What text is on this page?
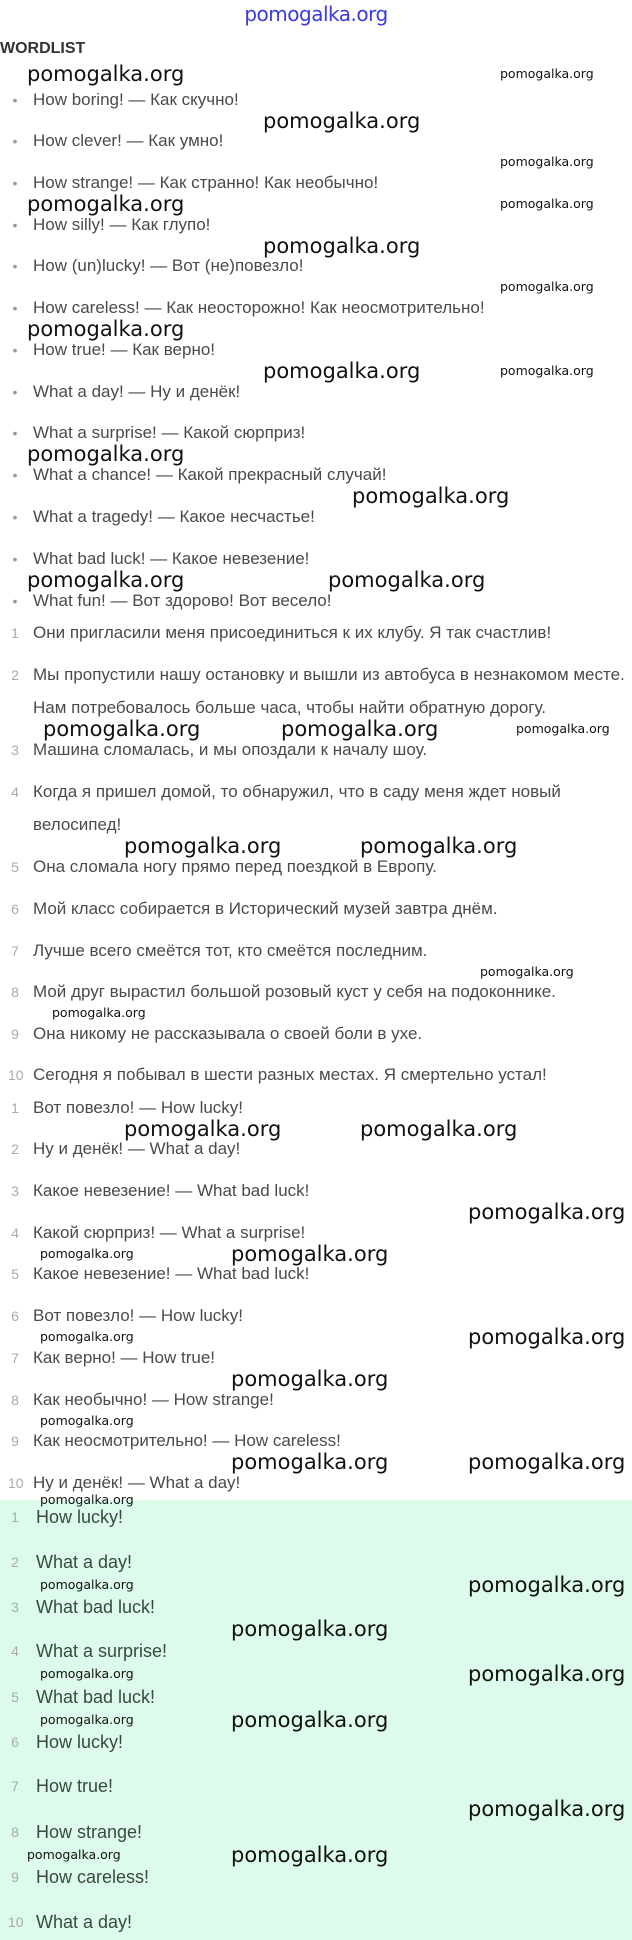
pomogalka.org
WORDLIST
• How boring! — Как скучно!
• How clever! — Как умно!
• How strange! — Как странно! Как необычно!
• How silly! — Как глупо!
• How (un)lucky! — Вот (не)повезло!
• How careless! — Как неосторожно! Как неосмотрительно!
• How true! — Как верно!
• What a day! — Ну и денёк!
• What a surprise! — Какой сюрприз!
• What a chance! — Какой прекрасный случай!
• What a tragedy! — Какое несчастье!
• What bad luck! — Какое невезение!
• What fun! — Вот здорово! Вот весело!
1 Они пригласили меня присоединиться к их клубу. Я так счастлив!
2 Мы пропустили нашу остановку и вышли из автобуса в незнакомом месте.
Нам потребовалось больше часа, чтобы найти обратную дорогу.
3 Машина сломалась, и мы опоздали к началу шоу.
4 Когда я пришел домой, то обнаружил, что в саду меня ждет новый
велосипед!
5 Она сломала ногу прямо перед поездкой в Европу.
6 Мой класс собирается в Исторический музей завтра днём.
7 Лучше всего смеётся тот, кто смеётся последним.
8 Мой друг вырастил большой розовый куст у себя на подоконнике.
9 Она никому не рассказывала о своей боли в ухе.
10 Сегодня я побывал в шести разных местах. Я смертельно устал!
1 Вот повезло! — How lucky!
2 Ну и денёк! — What a day!
3 Какое невезение! — What bad luck!
4 Какой сюрприз! — What a surprise!
5 Какое невезение! — What bad luck!
6 Вот повезло! — How lucky!
7 Как верно! — How true!
8 Как необычно! — How strange!
9 Как неосмотрительно! — How careless!
10 Ну и денёк! — What a day!
1 How lucky!
2 What a day!
3 What bad luck!
4 What a surprise!
5 What bad luck!
6 How lucky!
7 How true!
8 How strange!
9 How careless!
10 What a day!
pomogalka.org
pomogalka.org
pomogalka.org
pomogalka.org
pomogalka.org
pomogalka.org
pomogalka.org
pomogalka.org
pomogalka.org	pomogalka.org
pomogalka.org	pomogalka.org
pomogalka.org	pomogalka.org
pomogalka.org
pomogalka.org
pomogalka.org
pomogalka.org
pomogalka.org
pomogalka.org
pomogalka.org
pomogalka.org
pomogalka.org
pomogalka.org
pomogalka.org
pomogalka.org
pomogalka.org
pomogalka.org
pomogalka.org
pomogalka.org
pomogalka.org
pomogalka.org
pomogalka.org
pomogalka.org
pomogalka.org
pomogalka.org
pomogalka.org
pomogalka.org
pomogalka.org
pomogalka.org
pomogalka.org
pomogalka.org
pomogalka.org
pomogalka.org
